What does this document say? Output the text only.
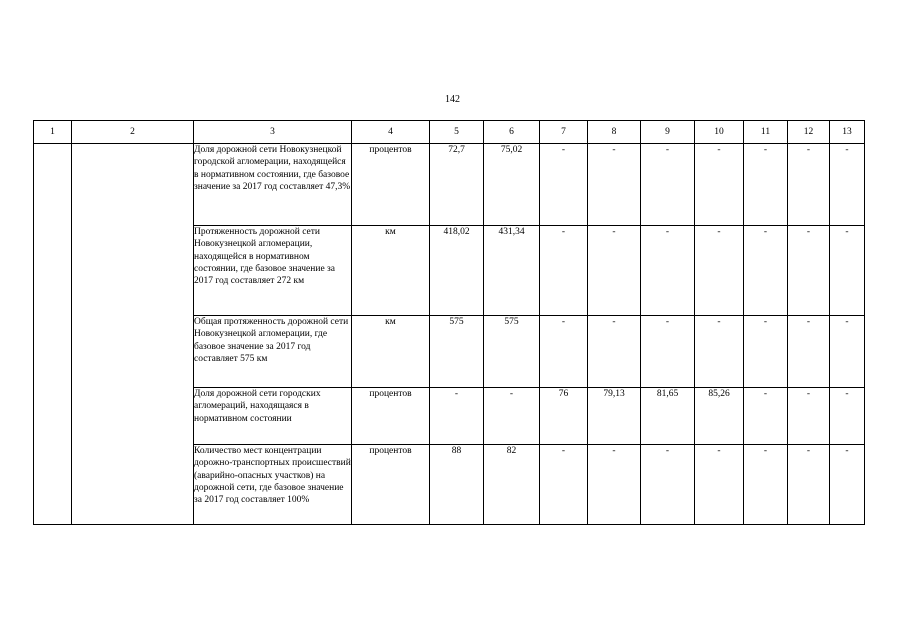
142
1	2	3	4	5	6	7	8	9	10	11	12	13
		Доля дорожной сети Новокузнецкой городской агломерации, находящейся в нормативном состоянии, где базовое значение за 2017 год составляет 47,3%	процентов	72,7	75,02	-	-	-	-	-	-	-
		Протяженность дорожной сети Новокузнецкой агломерации, находящейся в нормативном состоянии, где базовое значение за 2017 год составляет 272 км	км	418,02	431,34	-	-	-	-	-	-	-
		Общая протяженность дорожной сети Новокузнецкой агломерации, где базовое значение за 2017 год составляет 575 км	км	575	575	-	-	-	-	-	-	-
		Доля дорожной сети городских агломераций, находящаяся в нормативном состоянии	процентов	-	-	76	79,13	81,65	85,26	-	-	-
		Количество мест концентрации дорожно-транспортных происшествий (аварийно-опасных участков) на дорожной сети, где базовое значение за 2017 год составляет 100%	процентов	88	82	-	-	-	-	-	-	-
